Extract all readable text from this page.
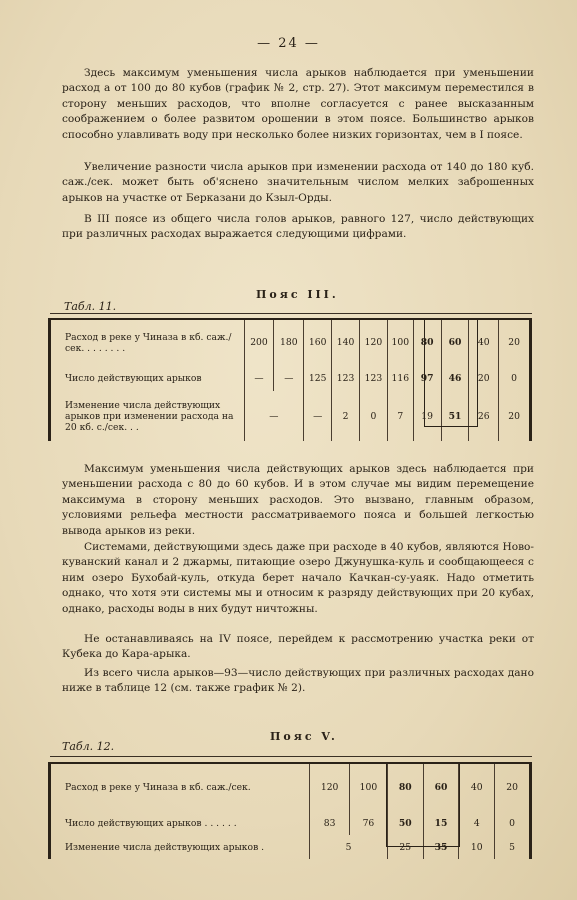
— 24 —

Здесь максимум уменьшения числа арыков наблюдается при уменьшении расход а от 100 до 80 кубов (график № 2, стр. 27). Этот максимум переместился в сторону меньших расходов, что вполне согласуется с ранее высказанным соображением о более развитом орошении в этом поясе. Большинство арыков способно улавливать воду при несколько более низких горизонтах, чем в I поясе.

Увеличение разности числа арыков при изменении расхода от 140 до 180 куб. саж./сек. может быть об'яснено значительным числом мелких заброшенных арыков на участке от Берказани до Кзыл-Орды.

В III поясе из общего числа голов арыков, равного 127, число действующих при различных расходах выражается следующими цифрами.

Пояс III.
Табл. 11.
Расход в реке у Чиназа в кб. саж./сек. . . . . . . .	200	180	160	140	120	100	80	60	40	20
Число действующих арыков	—	—	125	123	123	116	97	46	20	0
Изменение числа действующих арыков при изменении расхода на 20 кб. с./сек. . .	—		—	2	0	7	19	51	26	20

Максимум уменьшения числа действующих арыков здесь наблюдается при уменьшении расхода с 80 до 60 кубов. И в этом случае мы видим перемещение максимума в сторону меньших расходов. Это вызвано, главным образом, условиями рельефа местности рассматриваемого пояса и большей легкостью вывода арыков из реки.

Системами, действующими здесь даже при расходе в 40 кубов, являются Ново-куванский канал и 2 джармы, питающие озеро Джунушка-куль и сообщающееся с ним озеро Бухобай-куль, откуда берет начало Качкан-су-уаяк. Надо отметить однако, что хотя эти системы мы и относим к разряду действующих при 20 кубах, однако, расходы воды в них будут ничтожны.

Не останавливаясь на IV поясе, перейдем к рассмотрению участка реки от Кубека до Кара-арыка.

Из всего числа арыков—93—число действующих при различных расходах дано ниже в таблице 12 (см. также график № 2).

Пояс V.
Табл. 12.
Расход в реке у Чиназа в кб. саж./сек.	120	100	80	60	40	20
Число действующих арыков . . . . . .	83	76	50	15	4	0
Изменение числа действующих арыков .	5		25	35	10	5
